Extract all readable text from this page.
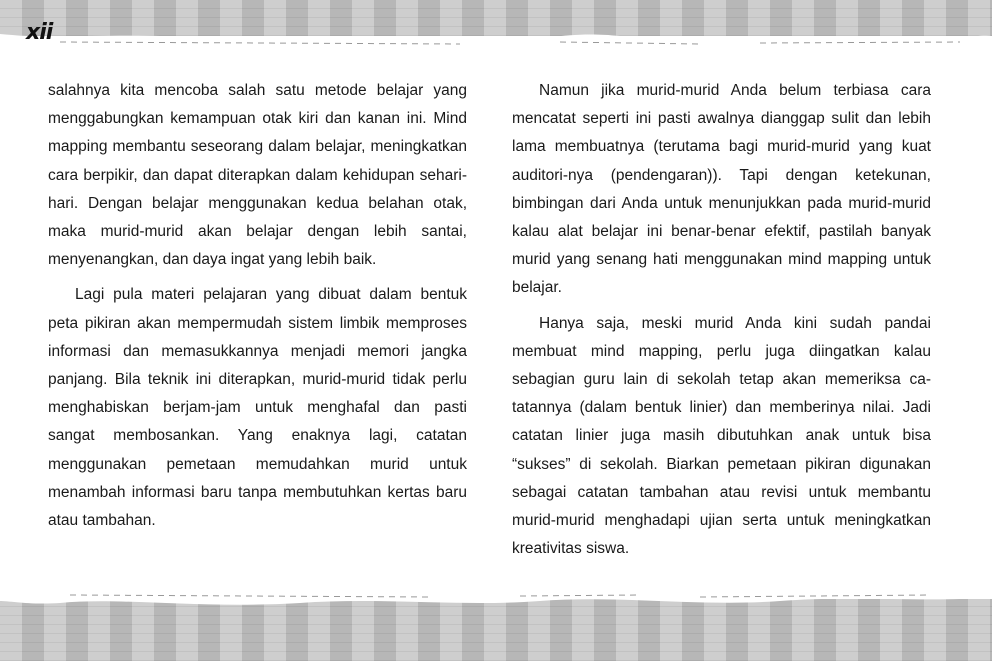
xii

salahnya kita mencoba salah satu metode belajar yang menggabungkan kemampuan otak kiri dan kanan ini. Mind mapping membantu seseorang dalam belajar, meningkatkan cara berpikir, dan dapat diterapkan dalam kehidupan sehari-hari. Dengan belajar menggunakan kedua belahan otak, maka murid-murid akan belajar dengan lebih santai, menyenangkan, dan daya ingat yang lebih baik.

Lagi pula materi pelajaran yang dibuat dalam bentuk peta pikiran akan mempermudah sistem limbik memproses informasi dan memasukkannya menjadi memori jangka panjang. Bila teknik ini diterapkan, murid-murid tidak perlu menghabiskan berjam-jam untuk menghafal dan pasti sangat membosankan. Yang enaknya lagi, catatan menggunakan pemetaan memudahkan murid untuk menambah informasi baru tanpa membutuhkan kertas baru atau tambahan.

Namun jika murid-murid Anda belum terbiasa cara mencatat seperti ini pasti awalnya dianggap sulit dan lebih lama membuatnya (terutama bagi murid-murid yang kuat auditori-nya (pendengaran)). Tapi dengan ketekunan, bimbingan dari Anda untuk menunjukkan pada murid-murid kalau alat belajar ini benar-benar efektif, pastilah banyak murid yang senang hati menggunakan mind mapping untuk belajar.

Hanya saja, meski murid Anda kini sudah pandai membuat mind mapping, perlu juga diingatkan kalau sebagian guru lain di sekolah tetap akan memeriksa catatannya (dalam bentuk linier) dan memberinya nilai. Jadi catatan linier juga masih dibutuhkan anak untuk bisa “sukses” di sekolah. Biarkan pemetaan pikiran digunakan sebagai catatan tambahan atau revisi untuk membantu murid-murid menghadapi ujian serta untuk meningkatkan kreativitas siswa.
